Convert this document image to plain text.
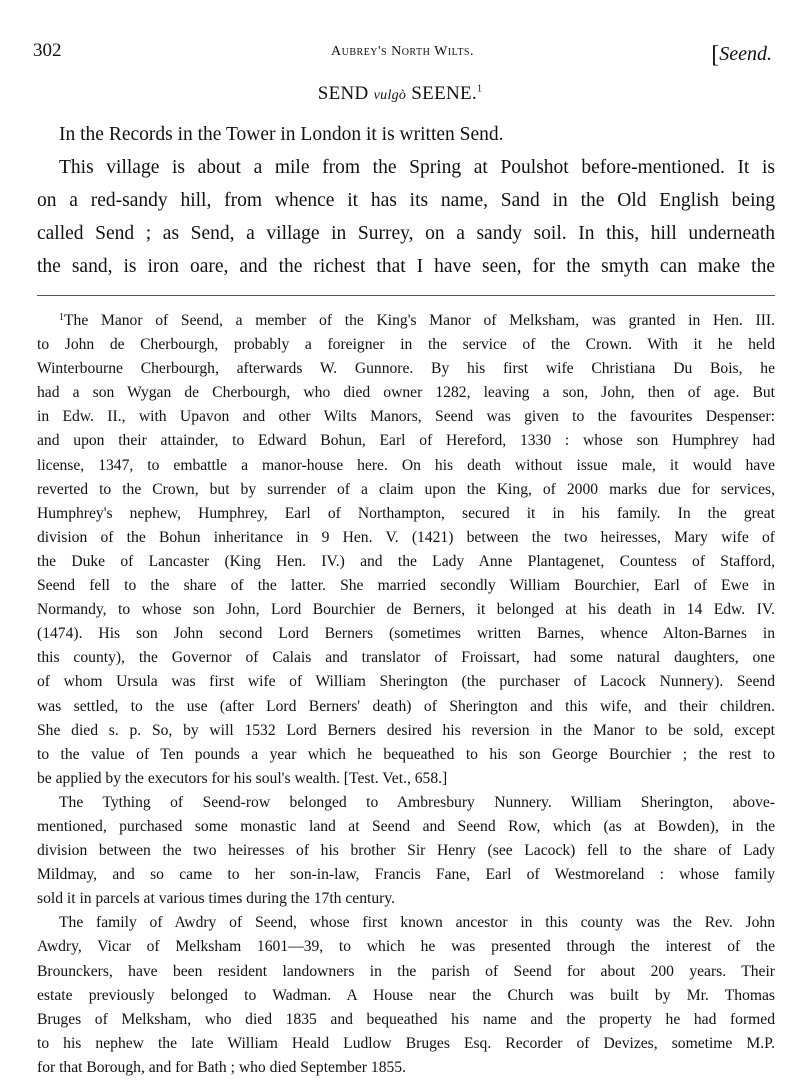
302	Aubrey's North Wilts.	[Seend.
SEND vulgò SEENE.$^1$
In the Records in the Tower in London it is written Send.
This village is about a mile from the Spring at Poulshot before-mentioned. It is
on a red-sandy hill, from whence it has its name, Sand in the Old English being
called Send ; as Send, a village in Surrey, on a sandy soil. In this, hill underneath
the sand, is iron oare, and the richest that I have seen, for the smyth can make the
$^1$The Manor of Seend, a member of the King's Manor of Melksham, was granted in Hen. III.
to John de Cherbourgh, probably a foreigner in the service of the Crown. With it he held
Winterbourne Cherbourgh, afterwards W. Gunnore. By his first wife Christiana Du Bois, he
had a son Wygan de Cherbourgh, who died owner 1282, leaving a son, John, then of age. But
in Edw. II., with Upavon and other Wilts Manors, Seend was given to the favourites Despenser:
and upon their attainder, to Edward Bohun, Earl of Hereford, 1330 : whose son Humphrey had
license, 1347, to embattle a manor-house here. On his death without issue male, it would have
reverted to the Crown, but by surrender of a claim upon the King, of 2000 marks due for services,
Humphrey's nephew, Humphrey, Earl of Northampton, secured it in his family. In the great
division of the Bohun inheritance in 9 Hen. V. (1421) between the two heiresses, Mary wife of
the Duke of Lancaster (King Hen. IV.) and the Lady Anne Plantagenet, Countess of Stafford,
Seend fell to the share of the latter. She married secondly William Bourchier, Earl of Ewe in
Normandy, to whose son John, Lord Bourchier de Berners, it belonged at his death in 14 Edw. IV.
(1474). His son John second Lord Berners (sometimes written Barnes, whence Alton-Barnes in
this county), the Governor of Calais and translator of Froissart, had some natural daughters, one
of whom Ursula was first wife of William Sherington (the purchaser of Lacock Nunnery). Seend
was settled, to the use (after Lord Berners' death) of Sherington and this wife, and their children.
She died s. p. So, by will 1532 Lord Berners desired his reversion in the Manor to be sold, except
to the value of Ten pounds a year which he bequeathed to his son George Bourchier ; the rest to
be applied by the executors for his soul's wealth. [Test. Vet., 658.]
The Tything of Seend-row belonged to Ambresbury Nunnery. William Sherington, above-
mentioned, purchased some monastic land at Seend and Seend Row, which (as at Bowden), in the
division between the two heiresses of his brother Sir Henry (see Lacock) fell to the share of Lady
Mildmay, and so came to her son-in-law, Francis Fane, Earl of Westmoreland : whose family
sold it in parcels at various times during the 17th century.
The family of Awdry of Seend, whose first known ancestor in this county was the Rev. John
Awdry, Vicar of Melksham 1601—39, to which he was presented through the interest of the
Brounckers, have been resident landowners in the parish of Seend for about 200 years. Their
estate previously belonged to Wadman. A House near the Church was built by Mr. Thomas
Bruges of Melksham, who died 1835 and bequeathed his name and the property he had formed
to his nephew the late William Heald Ludlow Bruges Esq. Recorder of Devizes, sometime M.P.
for that Borough, and for Bath ; who died September 1855.
